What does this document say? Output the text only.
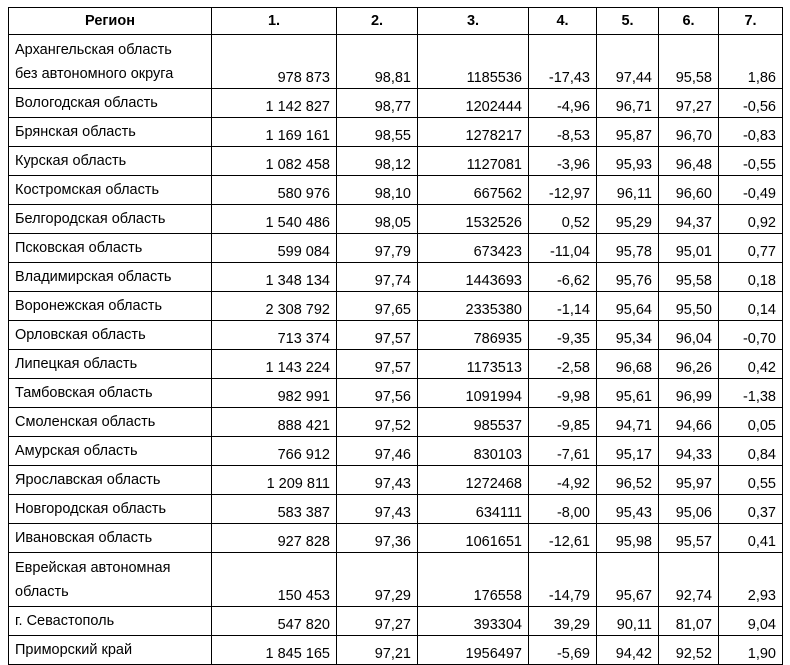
Регион	1.	2.	3.	4.	5.	6.	7.

Архангельская область
без автономного округа	978 873	98,81	1185536	-17,43	97,44	95,58	1,86

Вологодская область	1 142 827	98,77	1202444	-4,96	96,71	97,27	-0,56

Брянская область	1 169 161	98,55	1278217	-8,53	95,87	96,70	-0,83

Курская область	1 082 458	98,12	1127081	-3,96	95,93	96,48	-0,55

Костромская область	580 976	98,10	667562	-12,97	96,11	96,60	-0,49

Белгородская область	1 540 486	98,05	1532526	0,52	95,29	94,37	0,92

Псковская область	599 084	97,79	673423	-11,04	95,78	95,01	0,77

Владимирская область	1 348 134	97,74	1443693	-6,62	95,76	95,58	0,18

Воронежская область	2 308 792	97,65	2335380	-1,14	95,64	95,50	0,14

Орловская область	713 374	97,57	786935	-9,35	95,34	96,04	-0,70

Липецкая область	1 143 224	97,57	1173513	-2,58	96,68	96,26	0,42

Тамбовская область	982 991	97,56	1091994	-9,98	95,61	96,99	-1,38

Смоленская область	888 421	97,52	985537	-9,85	94,71	94,66	0,05

Амурская область	766 912	97,46	830103	-7,61	95,17	94,33	0,84

Ярославская область	1 209 811	97,43	1272468	-4,92	96,52	95,97	0,55

Новгородская область	583 387	97,43	634111	-8,00	95,43	95,06	0,37

Ивановская область	927 828	97,36	1061651	-12,61	95,98	95,57	0,41

Еврейская автономная
область	150 453	97,29	176558	-14,79	95,67	92,74	2,93

г. Севастополь	547 820	97,27	393304	39,29	90,11	81,07	9,04

Приморский край	1 845 165	97,21	1956497	-5,69	94,42	92,52	1,90
